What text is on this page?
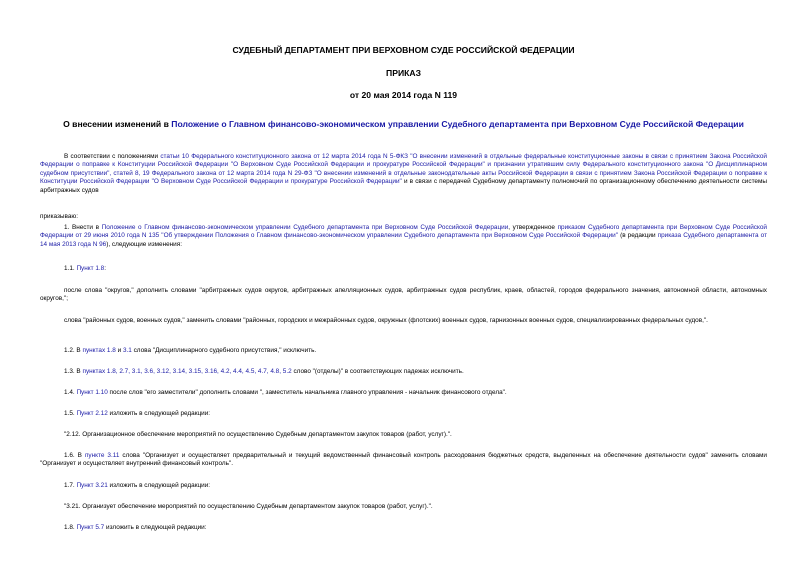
СУДЕБНЫЙ ДЕПАРТАМЕНТ ПРИ ВЕРХОВНОМ СУДЕ РОССИЙСКОЙ ФЕДЕРАЦИИ
ПРИКАЗ
от 20 мая 2014 года N 119
О внесении изменений в Положение о Главном финансово-экономическом управлении Судебного департамента при Верховном Суде Российской Федерации
В соответствии с положениями статьи 10 Федерального конституционного закона от 12 марта 2014 года N 5-ФКЗ "О внесении изменений в отдельные федеральные конституционные законы в связи с принятием Закона Российской Федерации о поправке к Конституции Российской Федерации "О Верховном Суде Российской Федерации и прокуратуре Российской Федерации" и признании утратившим силу Федерального конституционного закона "О Дисциплинарном судебном присутствии", статей 8, 19 Федерального закона от 12 марта 2014 года N 29-ФЗ "О внесении изменений в отдельные законодательные акты Российской Федерации в связи с принятием Закона Российской Федерации о поправке к Конституции Российской Федерации "О Верховном Суде Российской Федерации и прокуратуре Российской Федерации" и в связи с передачей Судебному департаменту полномочий по организационному обеспечению деятельности системы арбитражных судов
приказываю:
1. Внести в Положение о Главном финансово-экономическом управлении Судебного департамента при Верховном Суде Российской Федерации, утвержденное приказом Судебного департамента при Верховном Суде Российской Федерации от 29 июня 2010 года N 135 "Об утверждении Положения о Главном финансово-экономическом управлении Судебного департамента при Верховном Суде Российской Федерации" (в редакции приказа Судебного департамента от 14 мая 2013 года N 96), следующие изменения:
1.1. Пункт 1.8:
после слова "округов," дополнить словами "арбитражных судов округов, арбитражных апелляционных судов, арбитражных судов республик, краев, областей, городов федерального значения, автономной области, автономных округов,";
слова "районных судов, военных судов," заменить словами "районных, городских и межрайонных судов, окружных (флотских) военных судов, гарнизонных военных судов, специализированных федеральных судов,".
1.2. В пунктах 1.8 и 3.1 слова "Дисциплинарного судебного присутствия," исключить.
1.3. В пунктах 1.8, 2.7, 3.1, 3.6, 3.12, 3.14, 3.15, 3.16, 4.2, 4.4, 4.5, 4.7, 4.8, 5.2 слово "(отделы)" в соответствующих падежах исключить.
1.4. Пункт 1.10 после слов "его заместители" дополнить словами ", заместитель начальника главного управления - начальник финансового отдела".
1.5. Пункт 2.12 изложить в следующей редакции:
"2.12. Организационное обеспечение мероприятий по осуществлению Судебным департаментом закупок товаров (работ, услуг).".
1.6. В пункте 3.11 слова "Организует и осуществляет предварительный и текущий ведомственный финансовый контроль расходования бюджетных средств, выделенных на обеспечение деятельности судов" заменить словами "Организует и осуществляет внутренний финансовый контроль".
1.7. Пункт 3.21 изложить в следующей редакции:
"3.21. Организует обеспечение мероприятий по осуществлению Судебным департаментом закупок товаров (работ, услуг).".
1.8. Пункт 5.7 изложить в следующей редакции:
